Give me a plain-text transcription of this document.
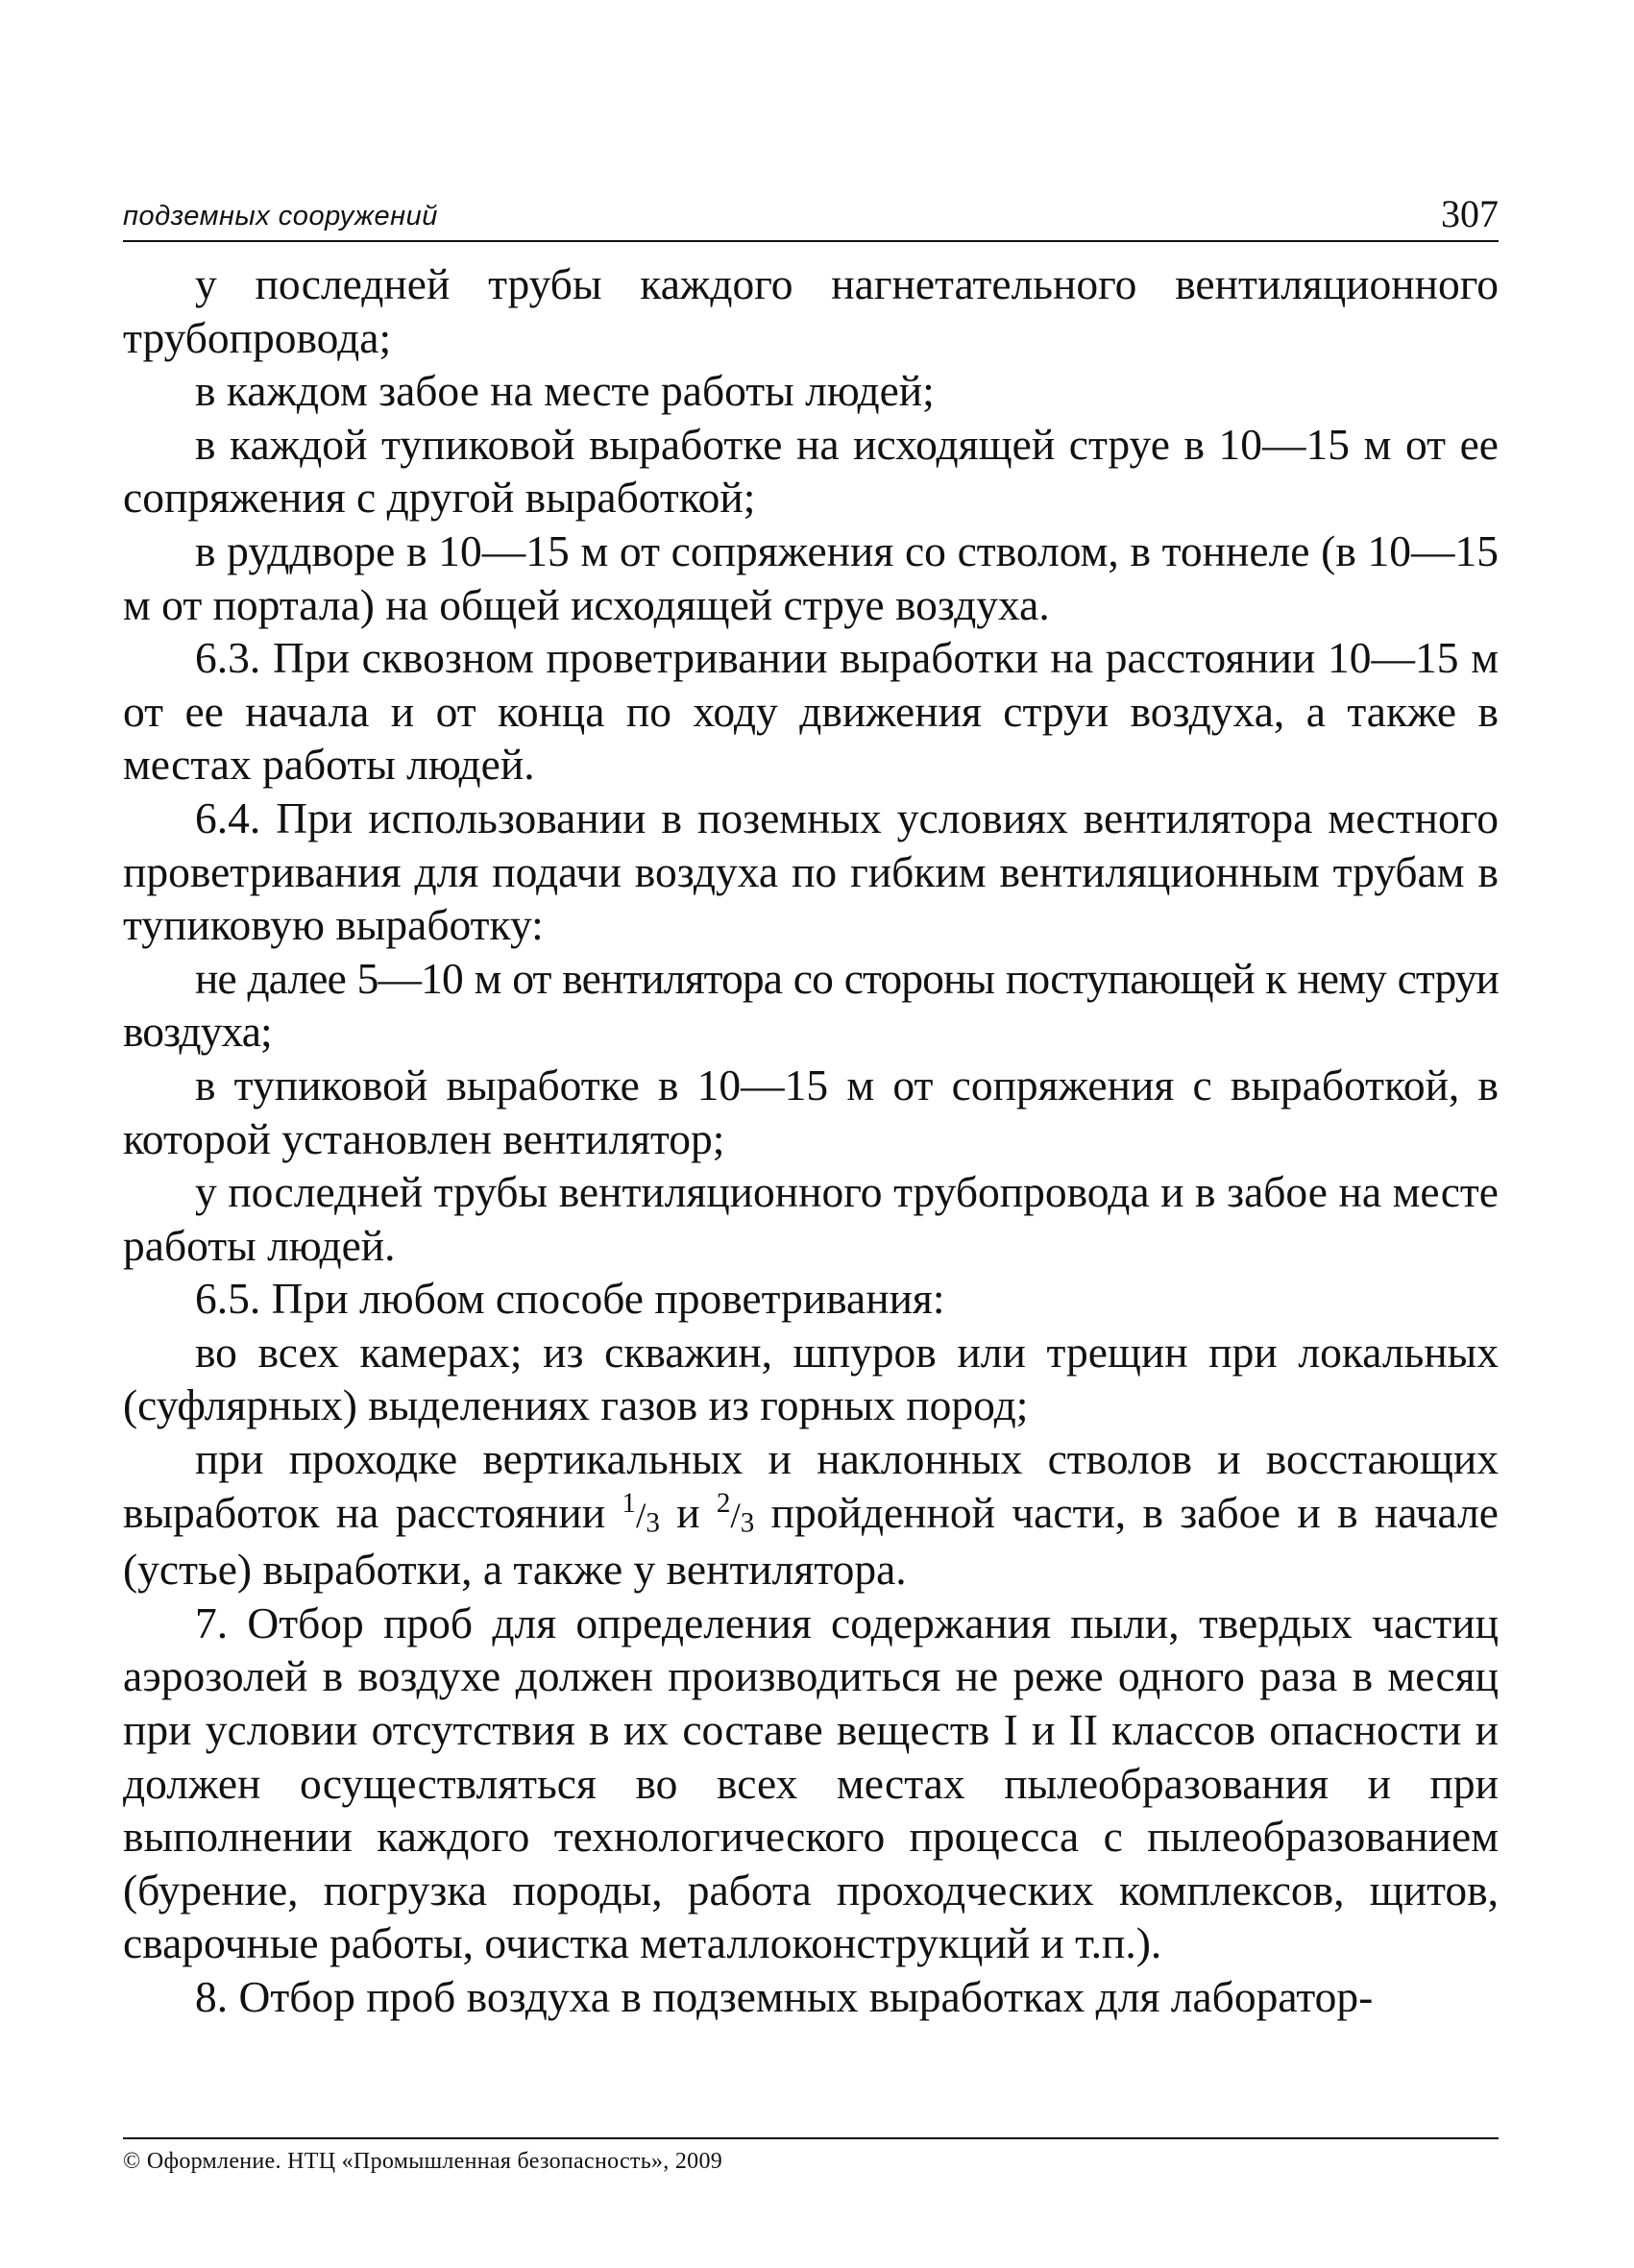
подземных сооружений	307

у последней трубы каждого нагнетательного вентиляционного трубопровода;

в каждом забое на месте работы людей;

в каждой тупиковой выработке на исходящей струе в 10—15 м от ее сопряжения с другой выработкой;

в руддворе в 10—15 м от сопряжения со стволом, в тоннеле (в 10—15 м от портала) на общей исходящей струе воздуха.

6.3. При сквозном проветривании выработки на расстоянии 10—15 м от ее начала и от конца по ходу движения струи воздуха, а также в местах работы людей.

6.4. При использовании в поземных условиях вентилятора местного проветривания для подачи воздуха по гибким вентиляционным трубам в тупиковую выработку:

не далее 5—10 м от вентилятора со стороны поступающей к нему струи воздуха;

в тупиковой выработке в 10—15 м от сопряжения с выработкой, в которой установлен вентилятор;

у последней трубы вентиляционного трубопровода и в забое на месте работы людей.

6.5. При любом способе проветривания:

во всех камерах; из скважин, шпуров или трещин при локальных (суфлярных) выделениях газов из горных пород;

при проходке вертикальных и наклонных стволов и восстающих выработок на расстоянии $^1/_3$ и $^2/_3$ пройденной части, в забое и в начале (устье) выработки, а также у вентилятора.

7. Отбор проб для определения содержания пыли, твердых частиц аэрозолей в воздухе должен производиться не реже одного раза в месяц при условии отсутствия в их составе веществ I и II классов опасности и должен осуществляться во всех местах пылеобразования и при выполнении каждого технологического процесса с пылеобразованием (бурение, погрузка породы, работа проходческих комплексов, щитов, сварочные работы, очистка металлоконструкций и т.п.).

8. Отбор проб воздуха в подземных выработках для лаборатор-

© Оформление. НТЦ «Промышленная безопасность», 2009
